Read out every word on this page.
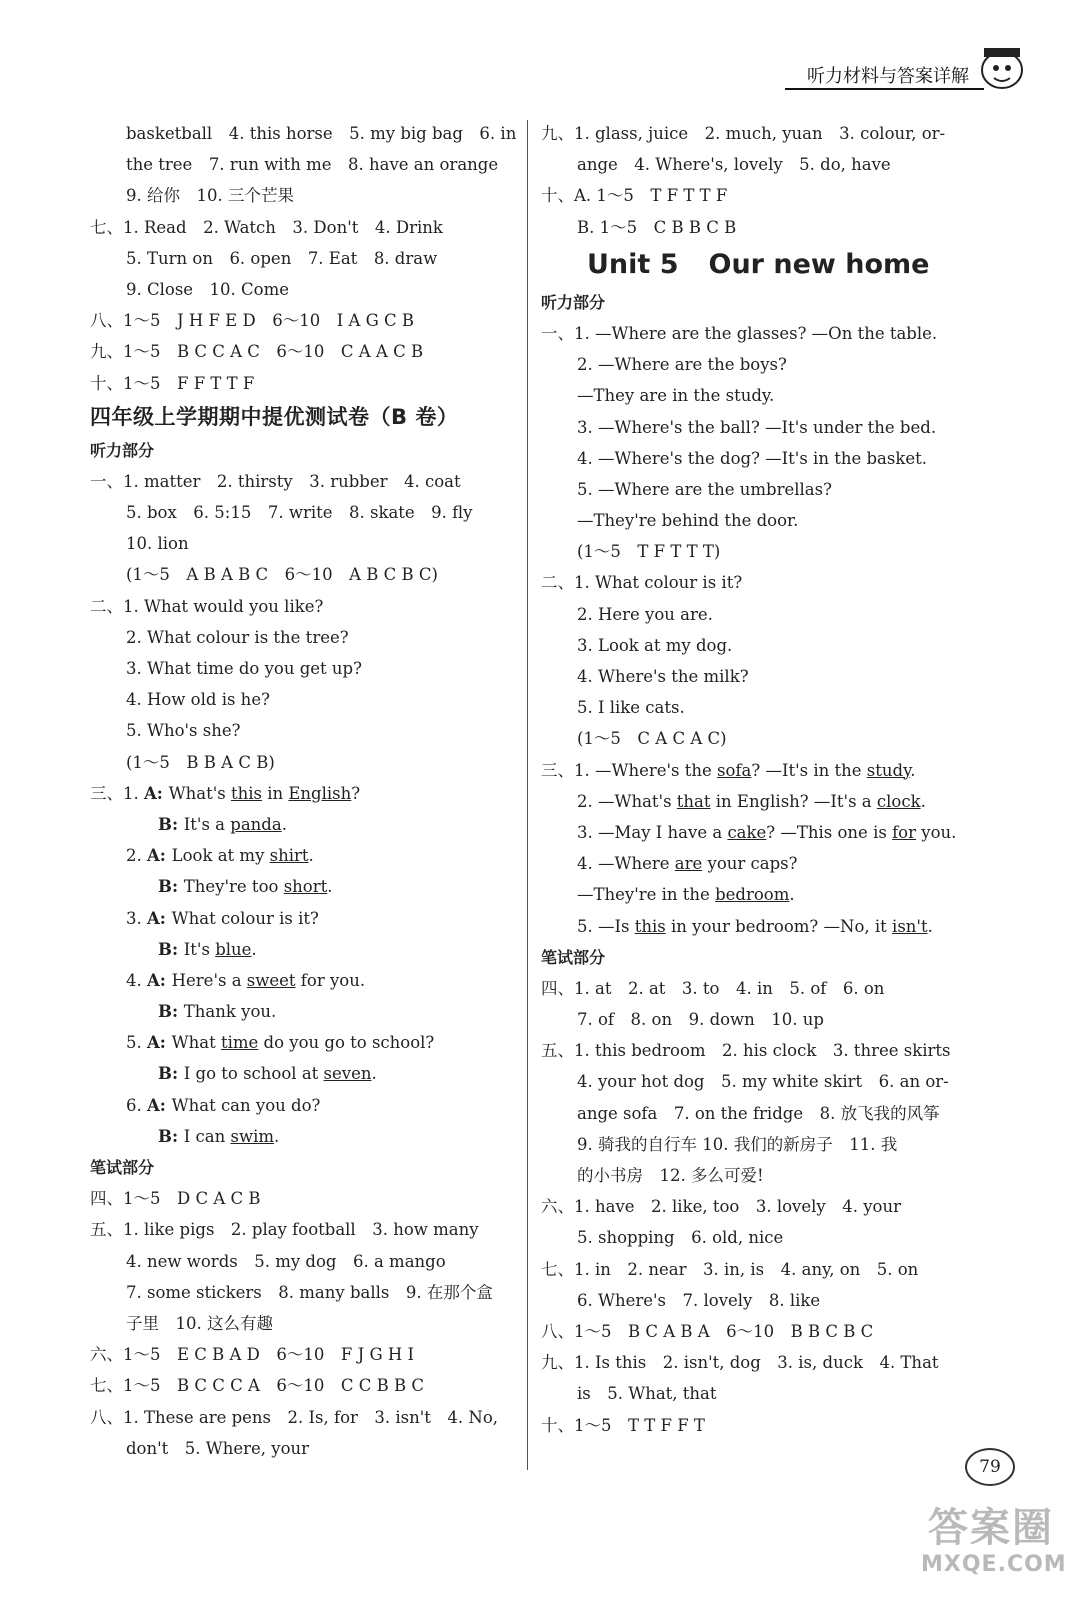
听力材料与答案详解
basketball　4. this horse　5. my big bag　6. in
the tree　7. run with me　8. have an orange
9. 给你　10. 三个芒果
七、1. Read　2. Watch　3. Don't　4. Drink
5. Turn on　6. open　7. Eat　8. draw
9. Close　10. Come
八、1～5　J H F E D　6～10　I A G C B
九、1～5　B C C A C　6～10　C A A C B
十、1～5　F F T T F
四年级上学期期中提优测试卷（B 卷）
听力部分
一、1. matter　2. thirsty　3. rubber　4. coat
5. box　6. 5:15　7. write　8. skate　9. fly
10. lion
(1～5　A B A B C　6～10　A B C B C)
二、1. What would you like?
2. What colour is the tree?
3. What time do you get up?
4. How old is he?
5. Who's she?
(1～5　B B A C B)
三、1. A: What's this in English?
B: It's a panda.
2. A: Look at my shirt.
B: They're too short.
3. A: What colour is it?
B: It's blue.
4. A: Here's a sweet for you.
B: Thank you.
5. A: What time do you go to school?
B: I go to school at seven.
6. A: What can you do?
B: I can swim.
笔试部分
四、1～5　D C A C B
五、1. like pigs　2. play football　3. how many
4. new words　5. my dog　6. a mango
7. some stickers　8. many balls　9. 在那个盒
子里　10. 这么有趣
六、1～5　E C B A D　6～10　F J G H I
七、1～5　B C C C A　6～10　C C B B C
八、1. These are pens　2. Is, for　3. isn't　4. No,
don't　5. Where, your
九、1. glass, juice　2. much, yuan　3. colour, or-
ange　4. Where's, lovely　5. do, have
十、A. 1～5　T F T T F
B. 1～5　C B B C B
Unit 5 Our new home
听力部分
一、1. —Where are the glasses? —On the table.
2. —Where are the boys?
—They are in the study.
3. —Where's the ball? —It's under the bed.
4. —Where's the dog? —It's in the basket.
5. —Where are the umbrellas?
—They're behind the door.
(1～5　T F T T T)
二、1. What colour is it?
2. Here you are.
3. Look at my dog.
4. Where's the milk?
5. I like cats.
(1～5　C A C A C)
三、1. —Where's the sofa? —It's in the study.
2. —What's that in English? —It's a clock.
3. —May I have a cake? —This one is for you.
4. —Where are your caps?
—They're in the bedroom.
5. —Is this in your bedroom? —No, it isn't.
笔试部分
四、1. at　2. at　3. to　4. in　5. of　6. on
7. of　8. on　9. down　10. up
五、1. this bedroom　2. his clock　3. three skirts
4. your hot dog　5. my white skirt　6. an or-
ange sofa　7. on the fridge　8. 放飞我的风筝
9. 骑我的自行车 10. 我们的新房子　11. 我
的小书房　12. 多么可爱!
六、1. have　2. like, too　3. lovely　4. your
5. shopping　6. old, nice
七、1. in　2. near　3. in, is　4. any, on　5. on
6. Where's　7. lovely　8. like
八、1～5　B C A B A　6～10　B B C B C
九、1. Is this　2. isn't, dog　3. is, duck　4. That
is　5. What, that
十、1～5　T T F F T
79
答案圈
MXQE.COM
